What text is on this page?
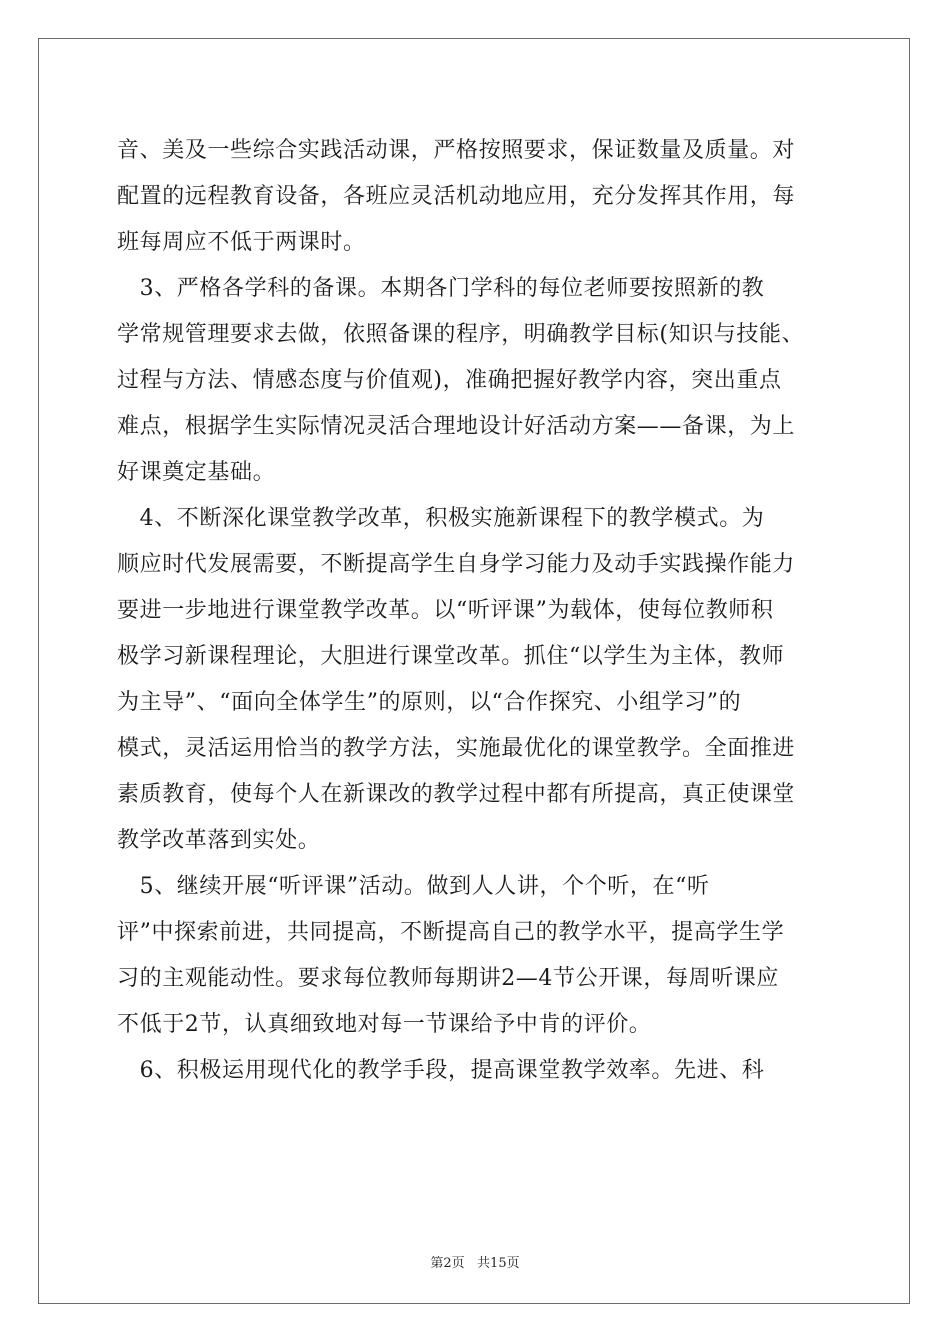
音、美及一些综合实践活动课，严格按照要求，保证数量及质量。对
配置的远程教育设备，各班应灵活机动地应用，充分发挥其作用，每
班每周应不低于两课时。
　3、严格各学科的备课。本期各门学科的每位老师要按照新的教
学常规管理要求去做，依照备课的程序，明确教学目标(知识与技能、
过程与方法、情感态度与价值观)，准确把握好教学内容，突出重点
难点，根据学生实际情况灵活合理地设计好活动方案——备课，为上
好课奠定基础。
　4、不断深化课堂教学改革，积极实施新课程下的教学模式。为
顺应时代发展需要，不断提高学生自身学习能力及动手实践操作能力
要进一步地进行课堂教学改革。以“听评课”为载体，使每位教师积
极学习新课程理论，大胆进行课堂改革。抓住“以学生为主体，教师
为主导”、“面向全体学生”的原则，以“合作探究、小组学习”的
模式，灵活运用恰当的教学方法，实施最优化的课堂教学。全面推进
素质教育，使每个人在新课改的教学过程中都有所提高，真正使课堂
教学改革落到实处。
　5、继续开展“听评课”活动。做到人人讲，个个听，在“听
评”中探索前进，共同提高，不断提高自己的教学水平，提高学生学
习的主观能动性。要求每位教师每期讲2—4节公开课，每周听课应
不低于2节，认真细致地对每一节课给予中肯的评价。
　6、积极运用现代化的教学手段，提高课堂教学效率。先进、科
第2页   共15页
